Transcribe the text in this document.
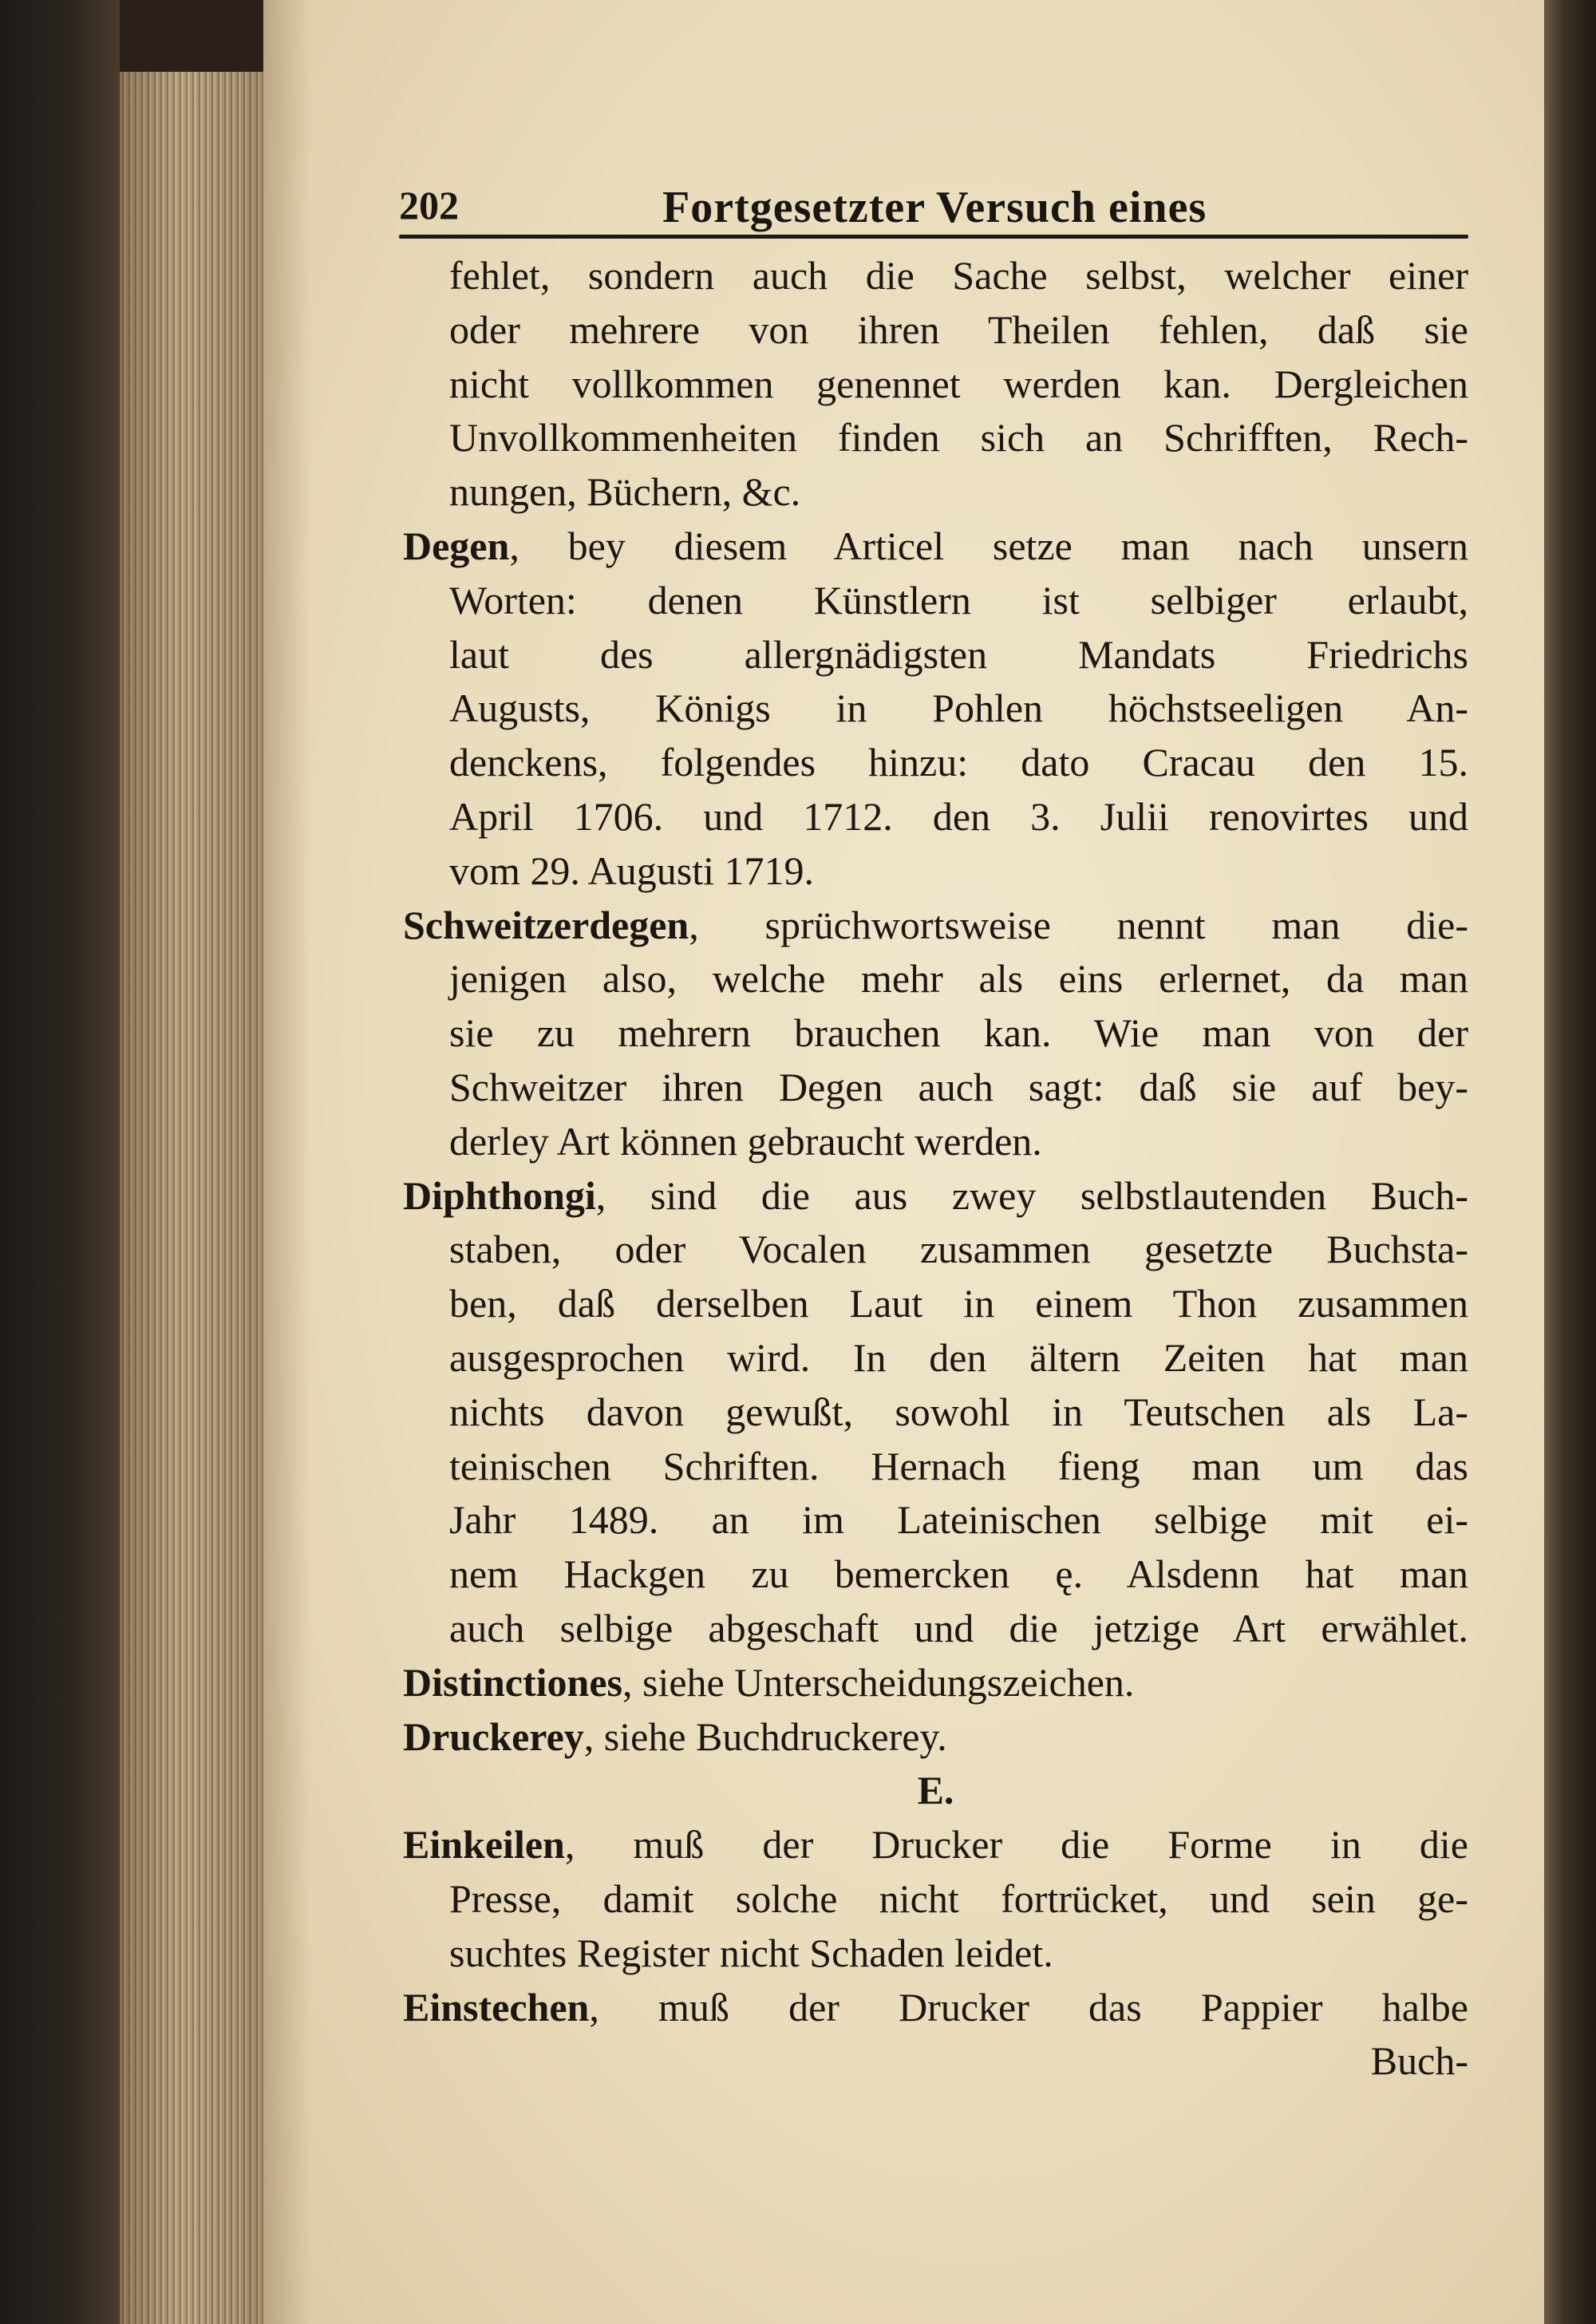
202	Fortgesetzter Versuch eines
fehlet, sondern auch die Sache selbst, welcher einer
oder mehrere von ihren Theilen fehlen, daß sie
nicht vollkommen genennet werden kan. Dergleichen
Unvollkommenheiten finden sich an Schrifften, Rech-
nungen, Büchern, &c.
Degen, bey diesem Articel setze man nach unsern
Worten: denen Künstlern ist selbiger erlaubt,
laut des allergnädigsten Mandats Friedrichs
Augusts, Königs in Pohlen höchstseeligen An-
denckens, folgendes hinzu: dato Cracau den 15.
April 1706. und 1712. den 3. Julii renovirtes und
vom 29. Augusti 1719.
Schweitzerdegen, sprüchwortsweise nennt man die-
jenigen also, welche mehr als eins erlernet, da man
sie zu mehrern brauchen kan. Wie man von der
Schweitzer ihren Degen auch sagt: daß sie auf bey-
derley Art können gebraucht werden.
Diphthongi, sind die aus zwey selbstlautenden Buch-
staben, oder Vocalen zusammen gesetzte Buchsta-
ben, daß derselben Laut in einem Thon zusammen
ausgesprochen wird. In den ältern Zeiten hat man
nichts davon gewußt, sowohl in Teutschen als La-
teinischen Schriften. Hernach fieng man um das
Jahr 1489. an im Lateinischen selbige mit ei-
nem Hackgen zu bemercken ę. Alsdenn hat man
auch selbige abgeschaft und die jetzige Art erwählet.
Distinctiones, siehe Unterscheidungszeichen.
Druckerey, siehe Buchdruckerey.
E.
Einkeilen, muß der Drucker die Forme in die
Presse, damit solche nicht fortrücket, und sein ge-
suchtes Register nicht Schaden leidet.
Einstechen, muß der Drucker das Pappier halbe
Buch-
